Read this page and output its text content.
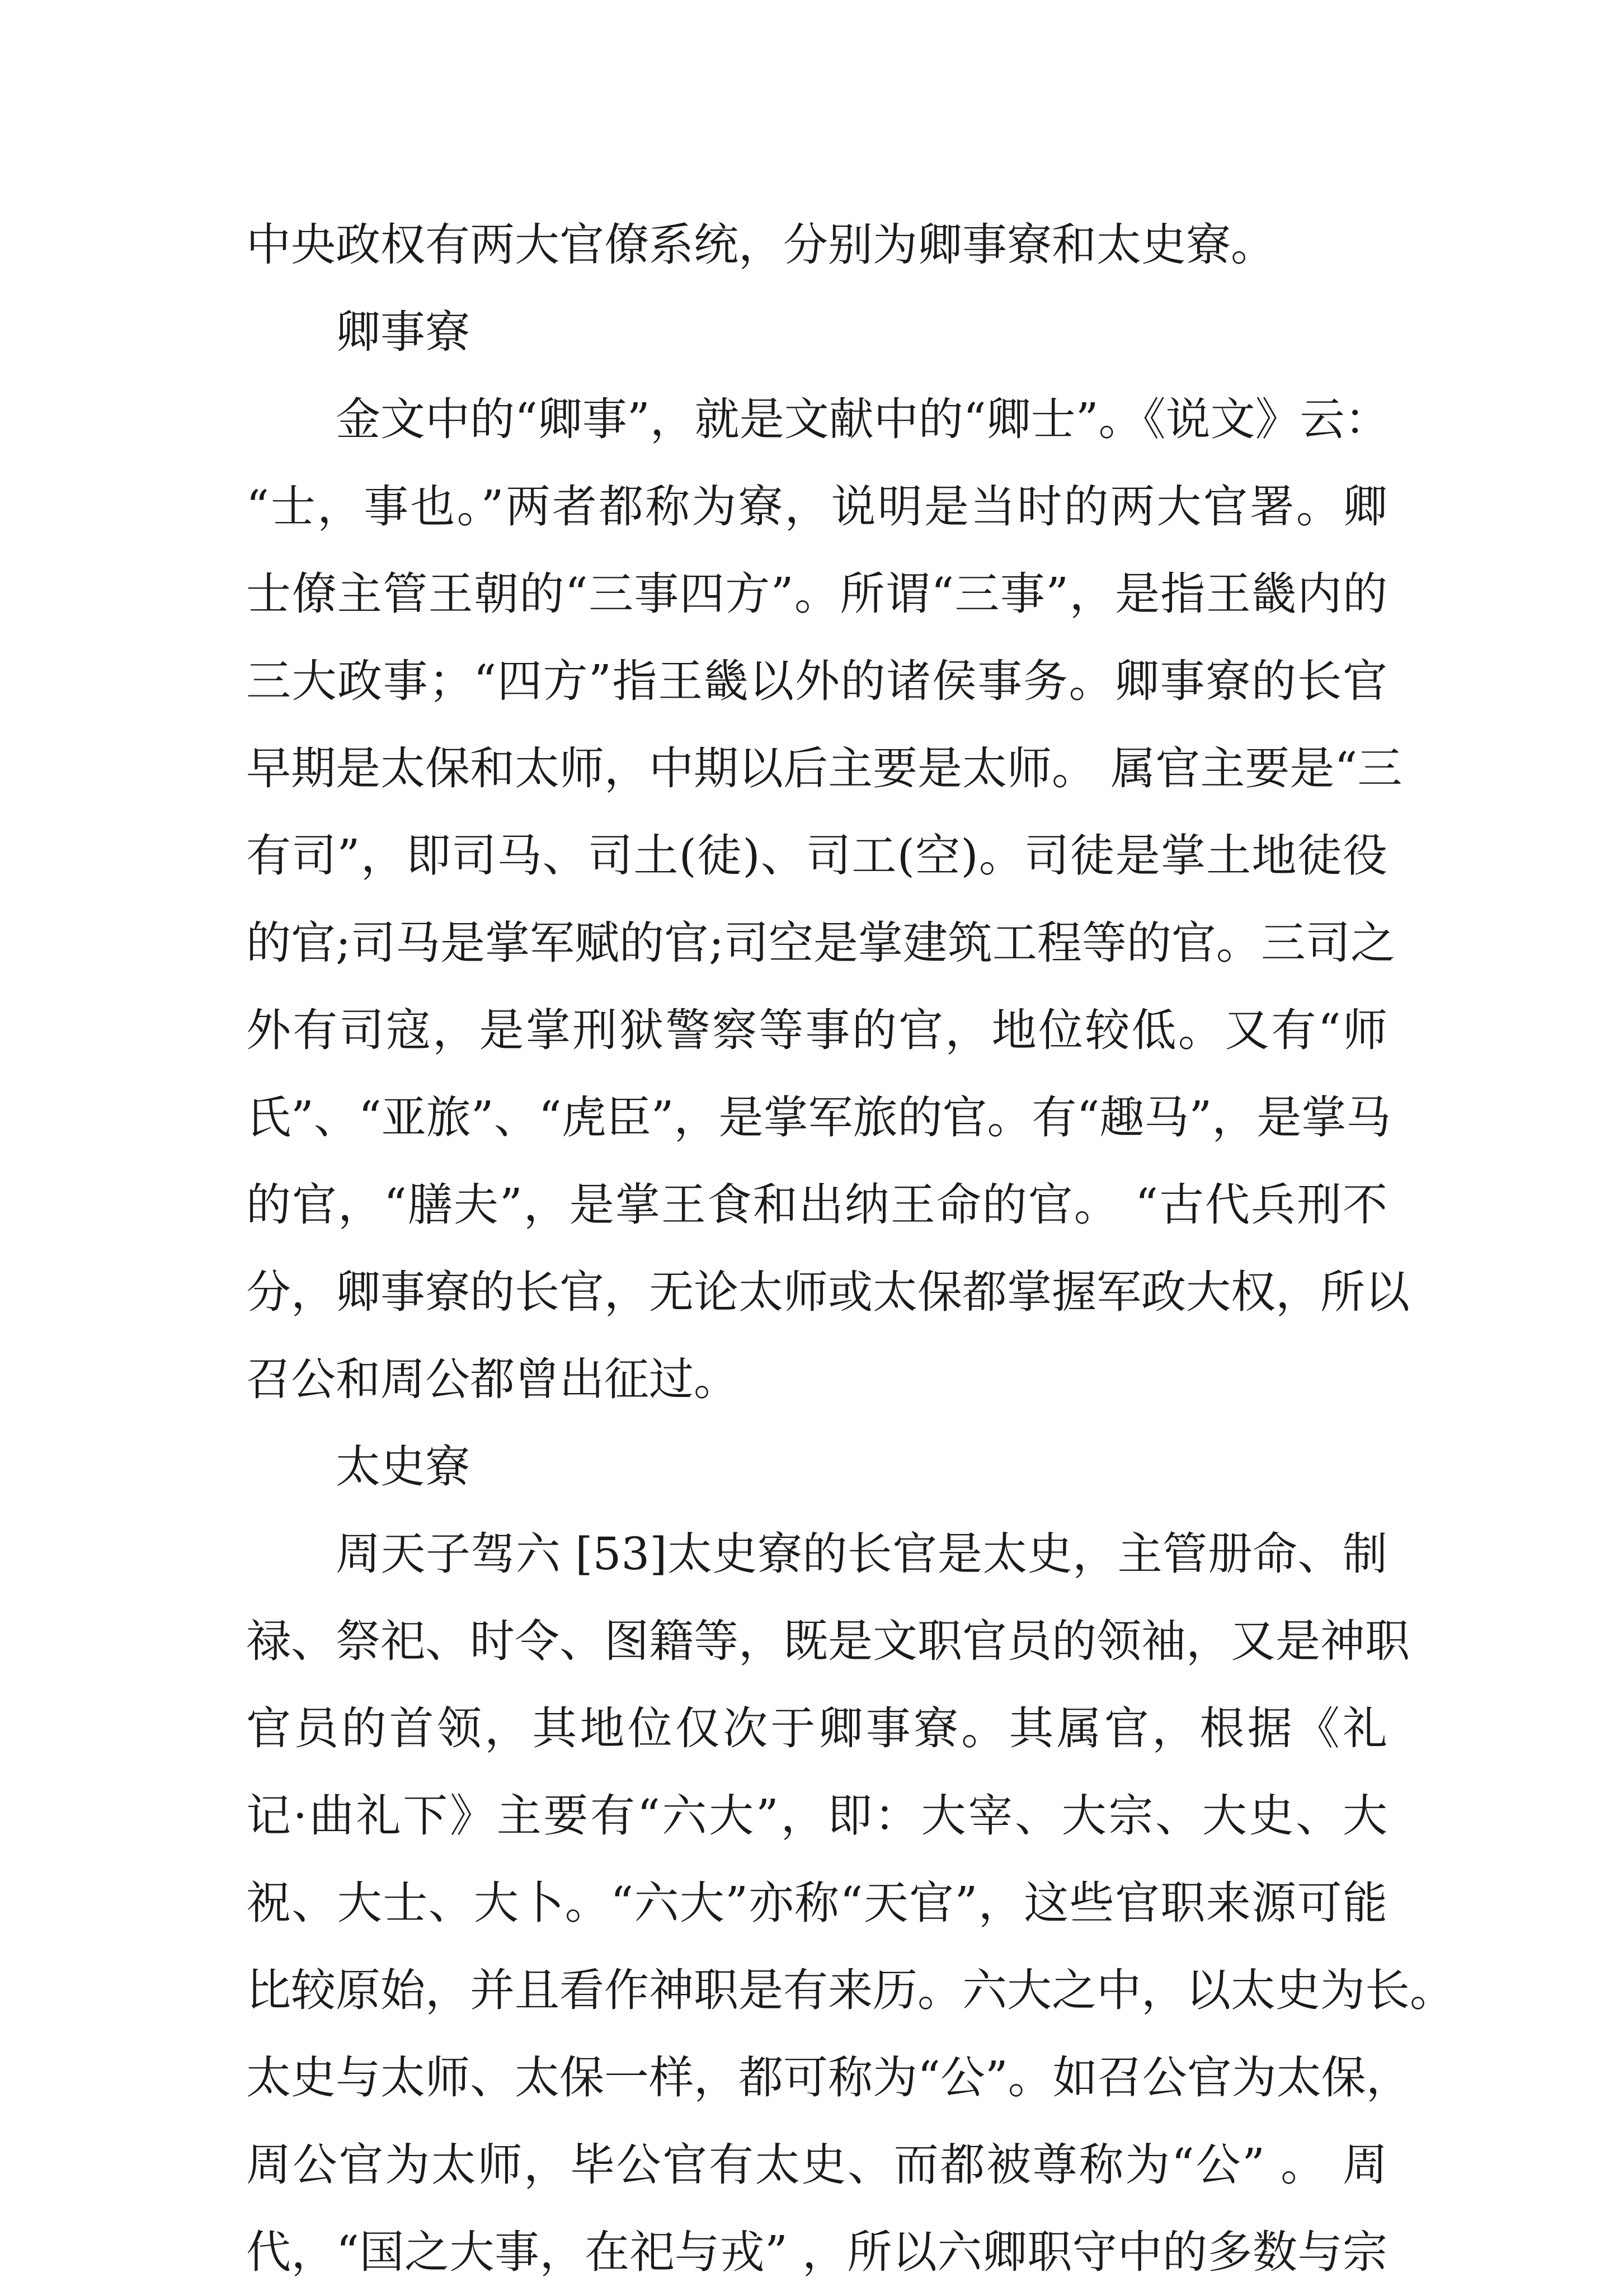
中央政权有两大官僚系统，分别为卿事寮和太史寮。
卿事寮
金文中的“卿事”，就是文献中的“卿士”。《说文》云：
“士，事也。”两者都称为寮，说明是当时的两大官署。卿
士僚主管王朝的“三事四方”。所谓“三事”，是指王畿内的
三大政事；“四方”指王畿以外的诸侯事务。卿事寮的长官
早期是太保和太师，中期以后主要是太师。 属官主要是“三
有司”，即司马、司土(徒)、司工(空)。司徒是掌土地徒役
的官;司马是掌军赋的官;司空是掌建筑工程等的官。三司之
外有司寇，是掌刑狱警察等事的官，地位较低。又有“师
氏”、“亚旅”、“虎臣”，是掌军旅的官。有“趣马”，是掌马
的官，“膳夫”，是掌王食和出纳王命的官。 “古代兵刑不
分，卿事寮的长官，无论太师或太保都掌握军政大权，所以
召公和周公都曾出征过。
太史寮
周天子驾六 [53]太史寮的长官是太史，主管册命、制
禄、祭祀、时令、图籍等，既是文职官员的领袖，又是神职
官员的首领，其地位仅次于卿事寮。其属官，根据《礼
记·曲礼下》主要有“六大”，即：大宰、大宗、大史、大
祝、大士、大卜。“六大”亦称“天官”，这些官职来源可能
比较原始，并且看作神职是有来历。六大之中，以太史为长。
太史与太师、太保一样，都可称为“公”。如召公官为太保，
周公官为太师，毕公官有太史、而都被尊称为“公” 。 周
代，“国之大事，在祀与戎” ，所以六卿职守中的多数与宗
